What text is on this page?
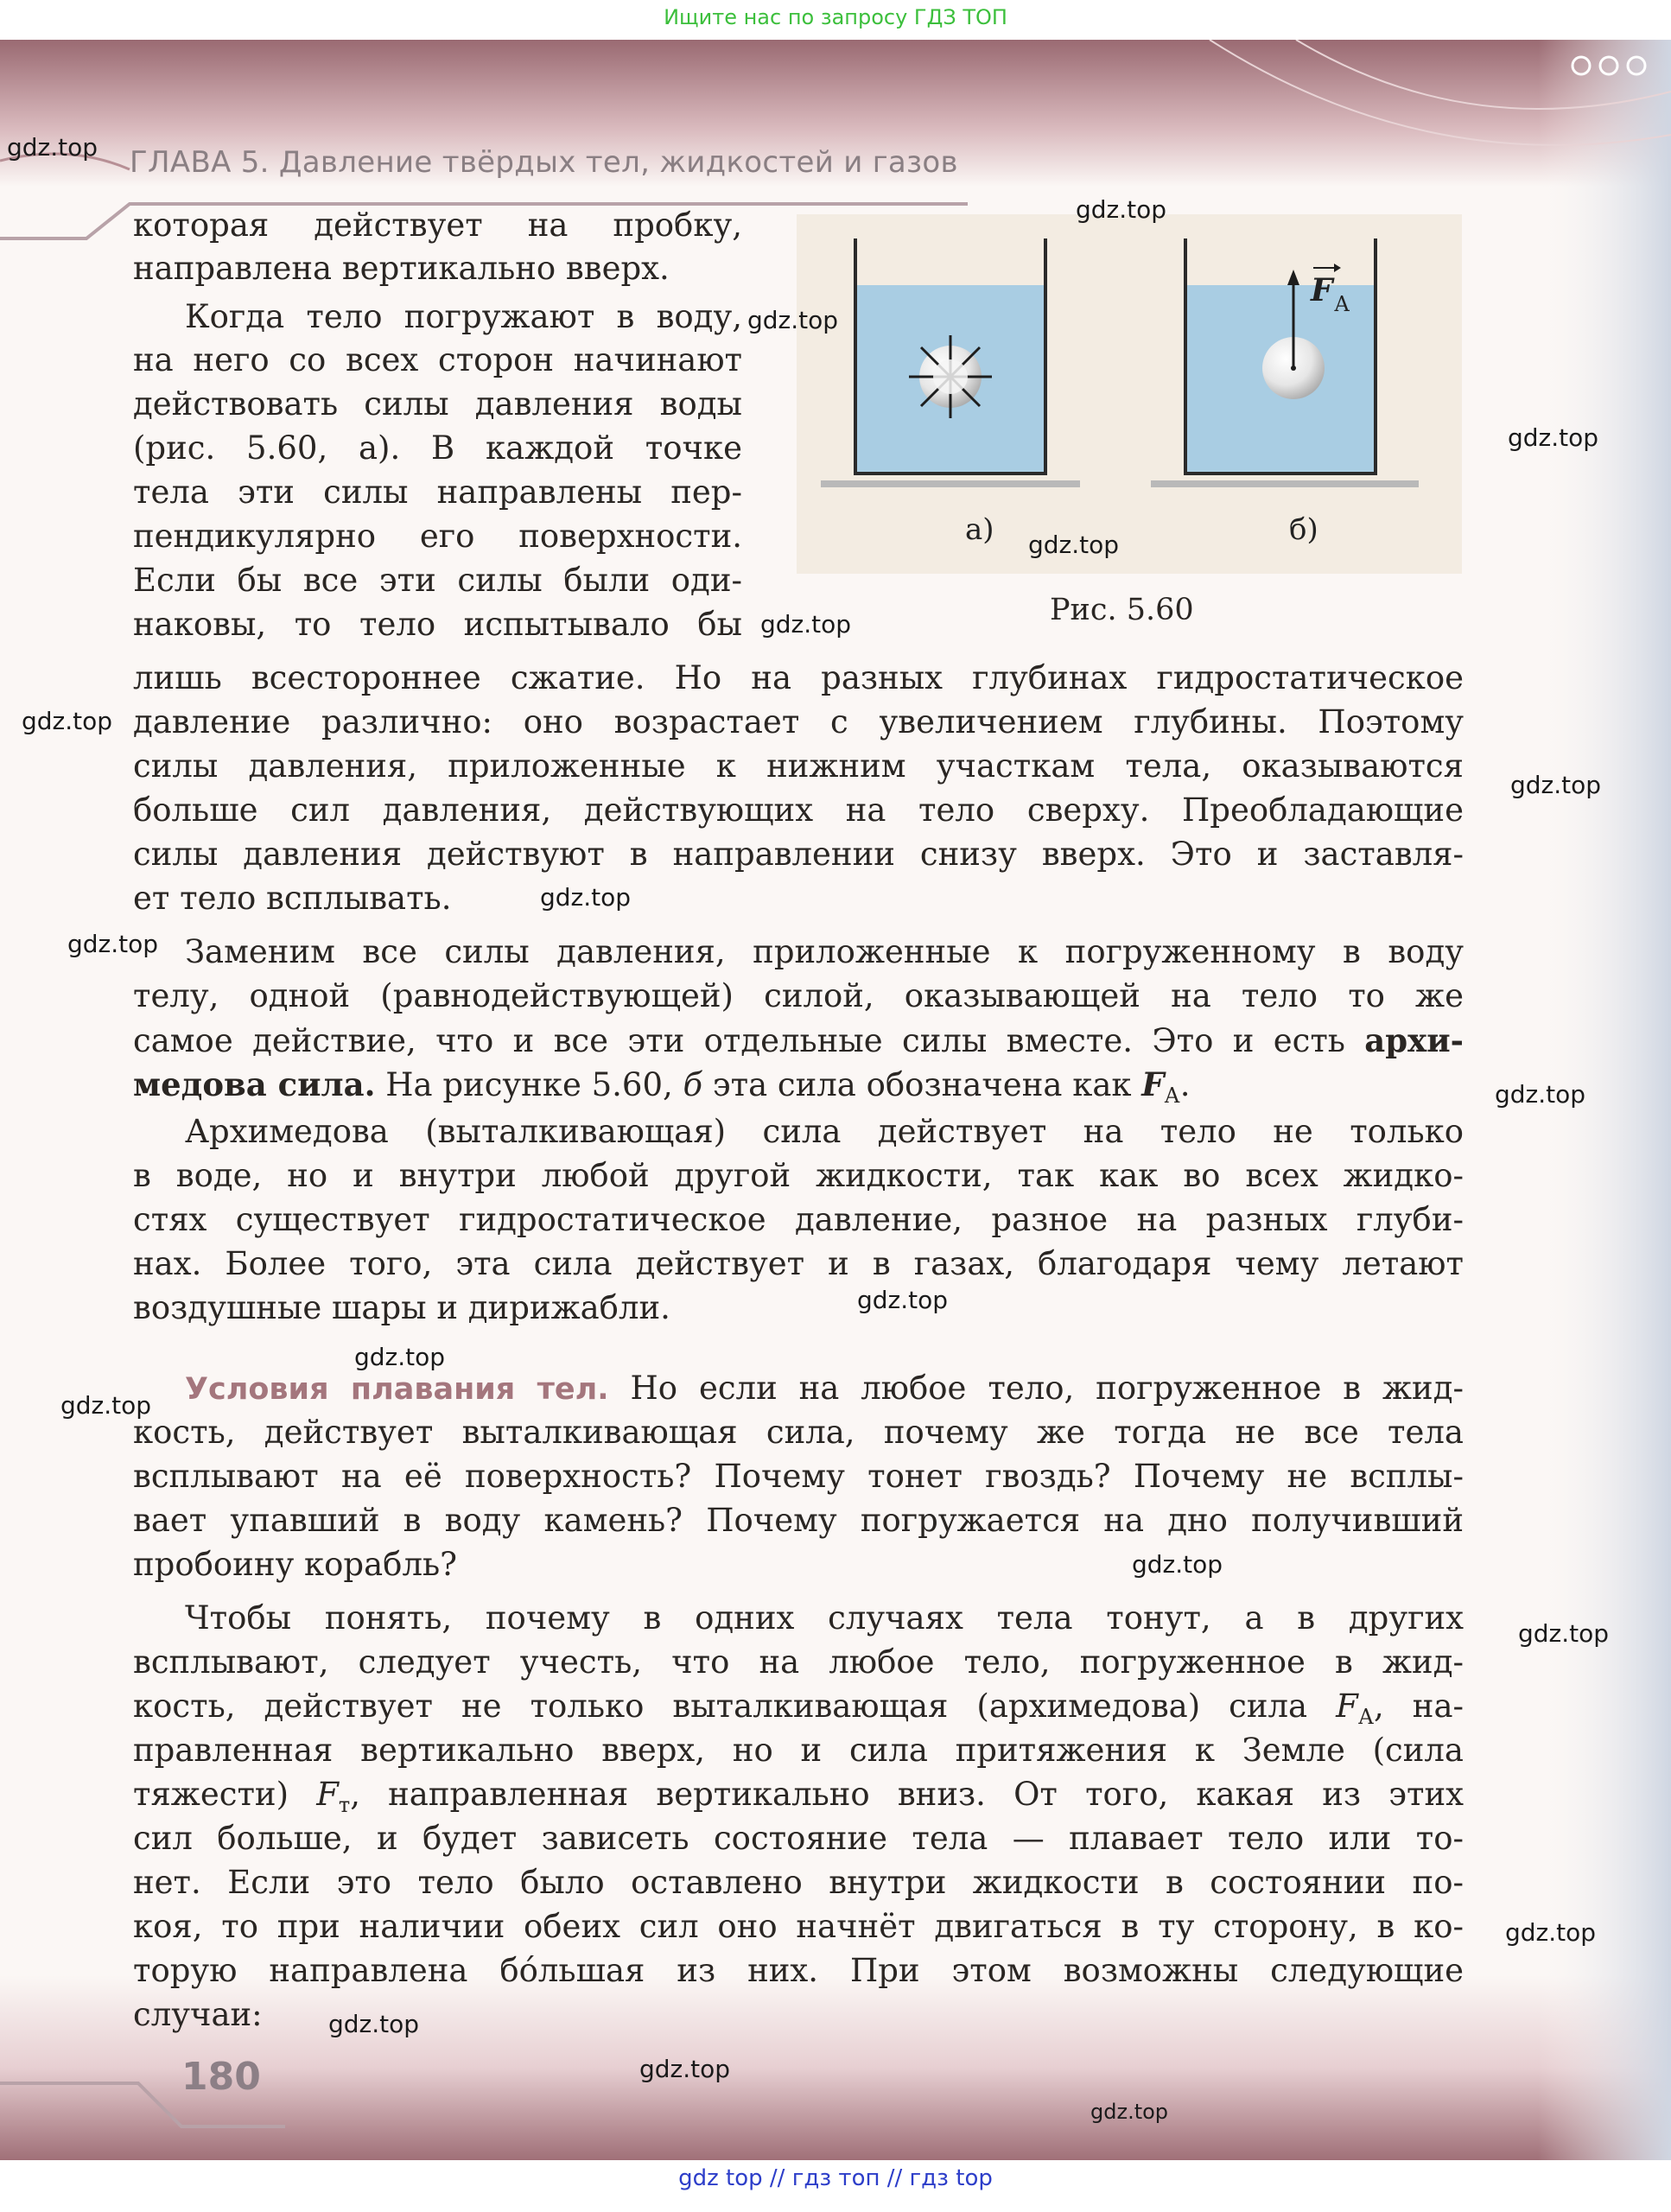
Ищите нас по запросу ГДЗ ТОП
ГЛАВА 5. Давление твёрдых тел, жидкостей и газов
а)	б)
F А
Рис. 5.60
которая действует на пробку,
направлена вертикально вверх.
Когда тело погружают в воду,
на него со всех сторон начинают
действовать силы давления воды
(рис. 5.60, а). В каждой точке
тела эти силы направлены пер-
пендикулярно его поверхности.
Если бы все эти силы были оди-
наковы, то тело испытывало бы
лишь всестороннее сжатие. Но на разных глубинах гидростатическое
давление различно: оно возрастает с увеличением глубины. Поэтому
силы давления, приложенные к нижним участкам тела, оказываются
больше сил давления, действующих на тело сверху. Преобладающие
силы давления действуют в направлении снизу вверх. Это и заставля-
ет тело всплывать.
Заменим все силы давления, приложенные к погруженному в воду
телу, одной (равнодействующей) силой, оказывающей на тело то же
самое действие, что и все эти отдельные силы вместе. Это и есть архи-
медова сила. На рисунке 5.60, б эта сила обозначена как $F_А$.
Архимедова (выталкивающая) сила действует на тело не только
в воде, но и внутри любой другой жидкости, так как во всех жидко-
стях существует гидростатическое давление, разное на разных глуби-
нах. Более того, эта сила действует и в газах, благодаря чему летают
воздушные шары и дирижабли.
Условия плавания тел. Но если на любое тело, погруженное в жид-
кость, действует выталкивающая сила, почему же тогда не все тела
всплывают на её поверхность? Почему тонет гвоздь? Почему не всплы-
вает упавший в воду камень? Почему погружается на дно получивший
пробоину корабль?
Чтобы понять, почему в одних случаях тела тонут, а в других
всплывают, следует учесть, что на любое тело, погруженное в жид-
кость, действует не только выталкивающая (архимедова) сила $F_А$, на-
правленная вертикально вверх, но и сила притяжения к Земле (сила
тяжести) $F_т$, направленная вертикально вниз. От того, какая из этих
сил больше, и будет зависеть состояние тела — плавает тело или то-
нет. Если это тело было оставлено внутри жидкости в состоянии по-
коя, то при наличии обеих сил оно начнёт двигаться в ту сторону, в ко-
торую направлена бóльшая из них. При этом возможны следующие
случаи:
180
gdz.top
gdz.top
gdz.top
gdz.top
gdz.top
gdz.top
gdz.top
gdz.top
gdz.top
gdz.top
gdz.top
gdz.top
gdz.top
gdz.top
gdz.top
gdz.top
gdz.top
gdz.top
gdz.top
gdz.top
gdz top // гдз топ // гдз top
